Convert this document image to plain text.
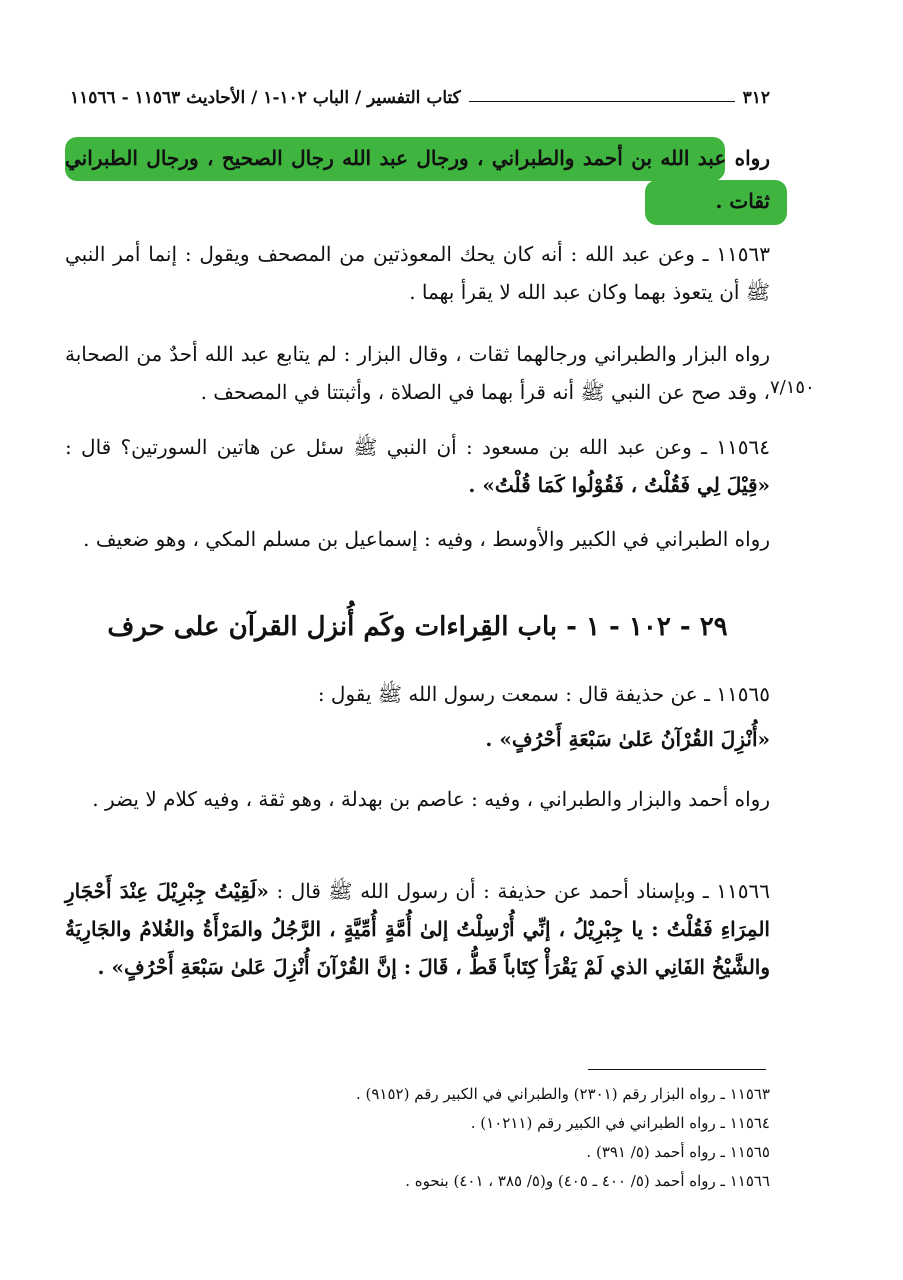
٣١٢
كتاب التفسير / الباب ١٠٢-١ / الأحاديث ١١٥٦٣ - ١١٥٦٦
رواه عبد الله بن أحمد والطبراني ، ورجال عبد الله رجال الصحيح ، ورجال الطبراني ثقات .
١١٥٦٣ ـ وعن عبد الله : أنه كان يحك المعوذتين من المصحف ويقول : إنما أمر النبي ﷺ أن يتعوذ بهما وكان عبد الله لا يقرأ بهما .
رواه البزار والطبراني ورجالهما ثقات ، وقال البزار : لم يتابع عبد الله أحدٌ من الصحابة ، وقد صح عن النبي ﷺ أنه قرأ بهما في الصلاة ، وأثبتتا في المصحف . ٧/١٥٠
١١٥٦٤ ـ وعن عبد الله بن مسعود : أن النبي ﷺ سئل عن هاتين السورتين؟ قال : «قِيْلَ لِي فَقُلْتُ ، فَقُوْلُوا كَمَا قُلْتُ» .
رواه الطبراني في الكبير والأوسط ، وفيه : إسماعيل بن مسلم المكي ، وهو ضعيف .
٢٩ - ١٠٢ - ١ - باب القِراءات وكَم أُنزل القرآن على حرف
١١٥٦٥ ـ عن حذيفة قال : سمعت رسول الله ﷺ يقول :
«أُنْزِلَ القُرْآنُ عَلىٰ سَبْعَةِ أَحْرُفٍ» .
رواه أحمد والبزار والطبراني ، وفيه : عاصم بن بهدلة ، وهو ثقة ، وفيه كلام لا يضر .
١١٥٦٦ ـ وبإسناد أحمد عن حذيفة : أن رسول الله ﷺ قال : «لَقِيْتُ جِبْرِيْلَ عِنْدَ أَحْجَارِ المِرَاءِ فَقُلْتُ : يا جِبْرِيْلُ ، إنِّي أُرْسِلْتُ إلىٰ أُمَّةٍ أُمِّيَّةٍ ، الرَّجُلُ والمَرْأَةُ والغُلامُ والجَارِيَةُ والشَّيْخُ الفَانِي الذي لَمْ يَقْرَأْ كِتَاباً قَطُّ ، قَالَ : إنَّ القُرْآنَ أُنْزِلَ عَلىٰ سَبْعَةِ أَحْرُفٍ» .
١١٥٦٣ ـ رواه البزار رقم (٢٣٠١) والطبراني في الكبير رقم (٩١٥٢) .
١١٥٦٤ ـ رواه الطبراني في الكبير رقم (١٠٢١١) .
١١٥٦٥ ـ رواه أحمد (٥/ ٣٩١) .
١١٥٦٦ ـ رواه أحمد (٥/ ٤٠٠ ـ ٤٠٥) و(٥/ ٣٨٥ ، ٤٠١) بنحوه .
